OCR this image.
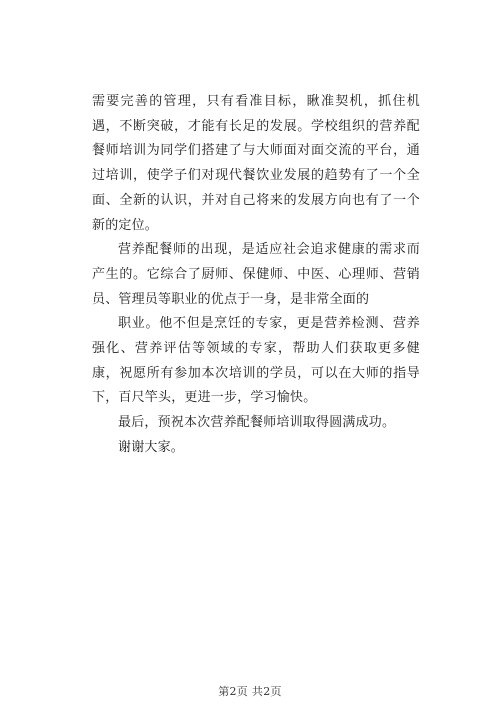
需要完善的管理，只有看准目标，瞅准契机，抓住机遇，不断突破，才能有长足的发展。学校组织的营养配餐师培训为同学们搭建了与大师面对面交流的平台，通过培训，使学子们对现代餐饮业发展的趋势有了一个全面、全新的认识，并对自己将来的发展方向也有了一个新的定位。

营养配餐师的出现，是适应社会追求健康的需求而产生的。它综合了厨师、保健师、中医、心理师、营销员、管理员等职业的优点于一身，是非常全面的

职业。他不但是烹饪的专家，更是营养检测、营养强化、营养评估等领域的专家，帮助人们获取更多健康，祝愿所有参加本次培训的学员，可以在大师的指导下，百尺竿头，更进一步，学习愉快。

最后，预祝本次营养配餐师培训取得圆满成功。

谢谢大家。

第2页 共2页
